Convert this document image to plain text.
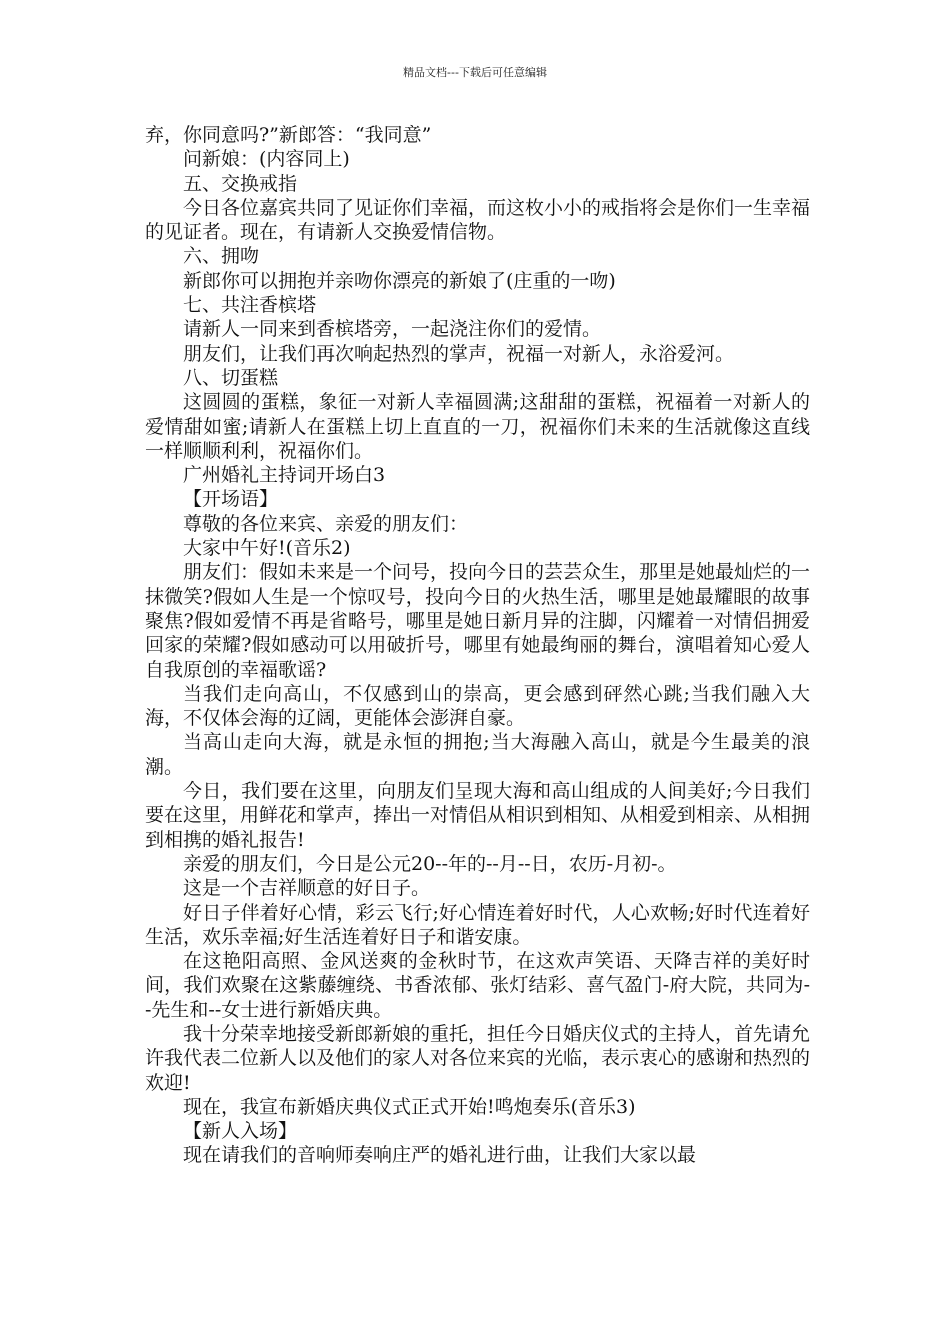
精品文档---下载后可任意编辑

弃，你同意吗?”新郎答：“我同意”

问新娘：(内容同上)

五、交换戒指

今日各位嘉宾共同了见证你们幸福，而这枚小小的戒指将会是你们一生幸福的见证者。现在，有请新人交换爱情信物。

六、拥吻

新郎你可以拥抱并亲吻你漂亮的新娘了(庄重的一吻)

七、共注香槟塔

请新人一同来到香槟塔旁，一起浇注你们的爱情。

朋友们，让我们再次响起热烈的掌声，祝福一对新人，永浴爱河。

八、切蛋糕

这圆圆的蛋糕，象征一对新人幸福圆满;这甜甜的蛋糕，祝福着一对新人的爱情甜如蜜;请新人在蛋糕上切上直直的一刀，祝福你们未来的生活就像这直线一样顺顺利利，祝福你们。

广州婚礼主持词开场白3

【开场语】

尊敬的各位来宾、亲爱的朋友们：

大家中午好!(音乐2)

朋友们：假如未来是一个问号，投向今日的芸芸众生，那里是她最灿烂的一抹微笑?假如人生是一个惊叹号，投向今日的火热生活，哪里是她最耀眼的故事聚焦?假如爱情不再是省略号，哪里是她日新月异的注脚，闪耀着一对情侣拥爱回家的荣耀?假如感动可以用破折号，哪里有她最绚丽的舞台，演唱着知心爱人自我原创的幸福歌谣?

当我们走向高山，不仅感到山的崇高，更会感到砰然心跳;当我们融入大海，不仅体会海的辽阔，更能体会澎湃自豪。

当高山走向大海，就是永恒的拥抱;当大海融入高山，就是今生最美的浪潮。

今日，我们要在这里，向朋友们呈现大海和高山组成的人间美好;今日我们要在这里，用鲜花和掌声，捧出一对情侣从相识到相知、从相爱到相亲、从相拥到相携的婚礼报告!

亲爱的朋友们，今日是公元20--年的--月--日，农历-月初-。

这是一个吉祥顺意的好日子。

好日子伴着好心情，彩云飞行;好心情连着好时代，人心欢畅;好时代连着好生活，欢乐幸福;好生活连着好日子和谐安康。

在这艳阳高照、金风送爽的金秋时节，在这欢声笑语、天降吉祥的美好时间，我们欢聚在这紫藤缠绕、书香浓郁、张灯结彩、喜气盈门-府大院，共同为--先生和--女士进行新婚庆典。

我十分荣幸地接受新郎新娘的重托，担任今日婚庆仪式的主持人，首先请允许我代表二位新人以及他们的家人对各位来宾的光临，表示衷心的感谢和热烈的欢迎!

现在，我宣布新婚庆典仪式正式开始!鸣炮奏乐(音乐3)

【新人入场】

现在请我们的音响师奏响庄严的婚礼进行曲，让我们大家以最
